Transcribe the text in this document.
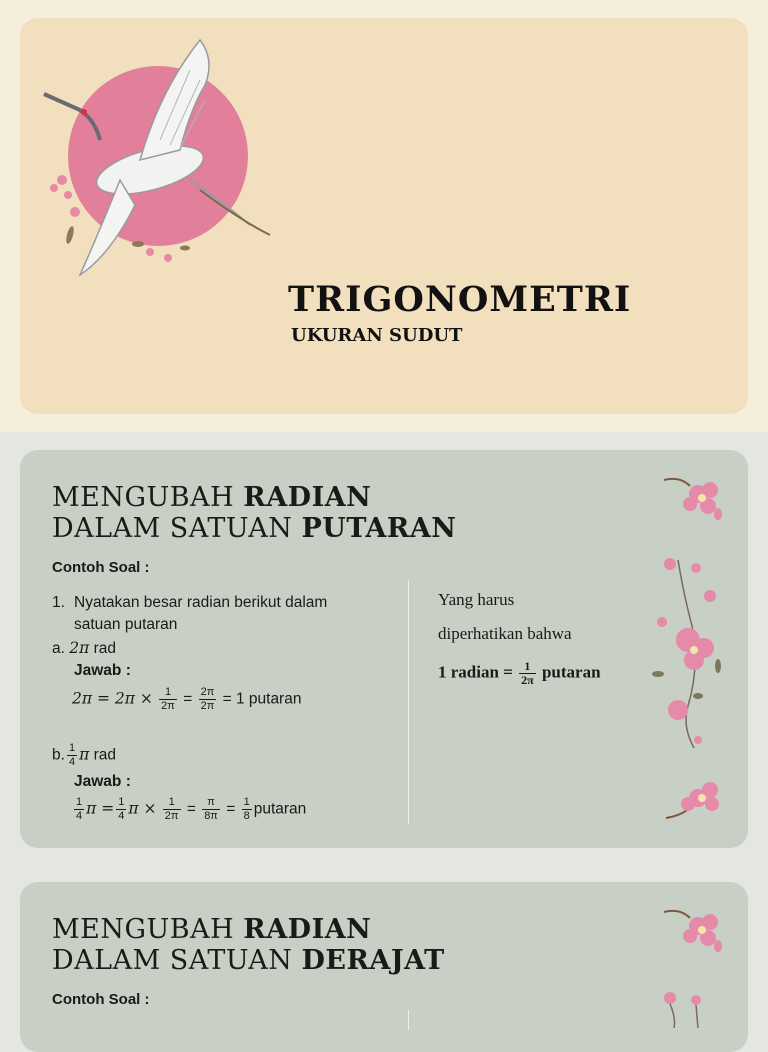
TRIGONOMETRI
UKURAN SUDUT
MENGUBAH RADIAN
DALAM SATUAN PUTARAN
Contoh Soal :
1. Nyatakan besar radian berikut dalam
satuan putaran
a. 2π rad
Jawab :
$2\pi = 2\pi \times \frac{1}{2\pi} = \frac{2\pi}{2\pi} = 1$ putaran
b. $\frac{1}{4}$ π rad
Jawab :
$\frac{1}{4}$ $\pi = \frac{1}{4}$ $\pi \times \frac{1}{2\pi} = \frac{\pi}{8\pi} = \frac{1}{8}$ putaran
Yang harus
diperhatikan bahwa
1 radian = $\frac{1}{2\pi}$ putaran
MENGUBAH RADIAN
DALAM SATUAN DERAJAT
Contoh Soal :
